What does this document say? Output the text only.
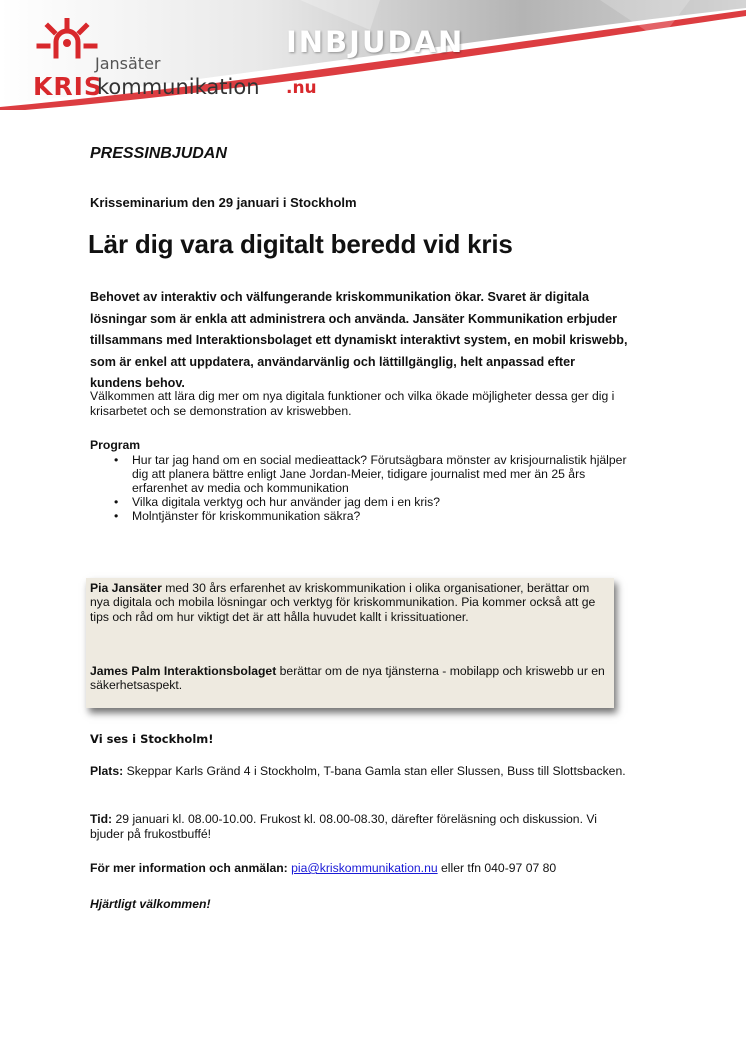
Jansäter
KRIS
kommunikation .nu
INBJUDAN
PRESSINBJUDAN
Krisseminarium den 29 januari i Stockholm
Lär dig vara digitalt beredd vid kris
Behovet av interaktiv och välfungerande kriskommunikation ökar. Svaret är digitala lösningar som är enkla att administrera och använda. Jansäter Kommunikation erbjuder tillsammans med Interaktionsbolaget ett dynamiskt interaktivt system, en mobil kriswebb, som är enkel att uppdatera, användarvänlig och lättillgänglig, helt anpassad efter kundens behov.
Välkommen att lära dig mer om nya digitala funktioner och vilka ökade möjligheter dessa ger dig i krisarbetet och se demonstration av kriswebben.
Program
•	Hur tar jag hand om en social medieattack? Förutsägbara mönster av krisjournalistik hjälper dig att planera bättre enligt Jane Jordan-Meier, tidigare journalist med mer än 25 års erfarenhet av media och kommunikation
•	Vilka digitala verktyg och hur använder jag dem i en kris?
•	Molntjänster för kriskommunikation säkra?

Pia Jansäter med 30 års erfarenhet av kriskommunikation i olika organisationer, berättar om nya digitala och mobila lösningar och verktyg för kriskommunikation. Pia kommer också att ge tips och råd om hur viktigt det är att hålla huvudet kallt i krissituationer.

James Palm Interaktionsbolaget berättar om de nya tjänsterna - mobilapp och kriswebb ur en säkerhetsaspekt.

Vi ses i Stockholm!
Plats: Skeppar Karls Gränd 4 i Stockholm, T-bana Gamla stan eller Slussen, Buss till Slottsbacken.
Tid: 29 januari kl. 08.00-10.00. Frukost kl. 08.00-08.30, därefter föreläsning och diskussion. Vi bjuder på frukostbuffé!
För mer information och anmälan: pia@kriskommunikation.nu eller tfn 040-97 07 80
Hjärtligt välkommen!
